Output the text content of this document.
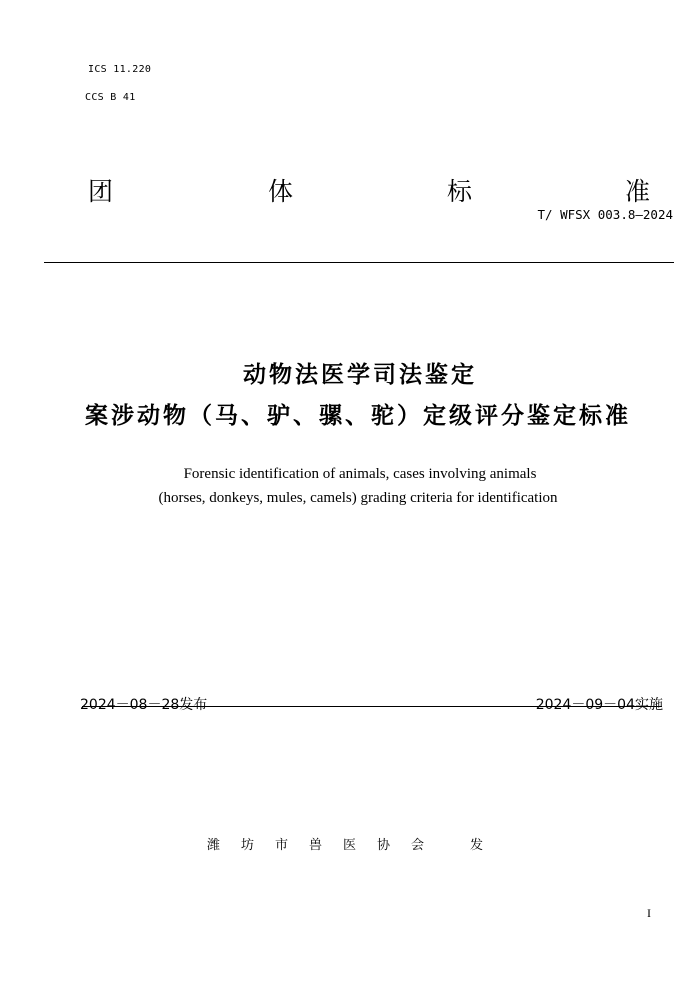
ICS 11.220
CCS B 41
团	体	标	准
T/ WFSX 003.8—2024
动物法医学司法鉴定
案涉动物（马、驴、骡、驼）定级评分鉴定标准
Forensic identification of animals, cases involving animals
(horses, donkeys, mules, camels) grading criteria for identification
2024－08－28发布	2024－09－04实施
潍 坊 市 兽 医 协 会	发
I
